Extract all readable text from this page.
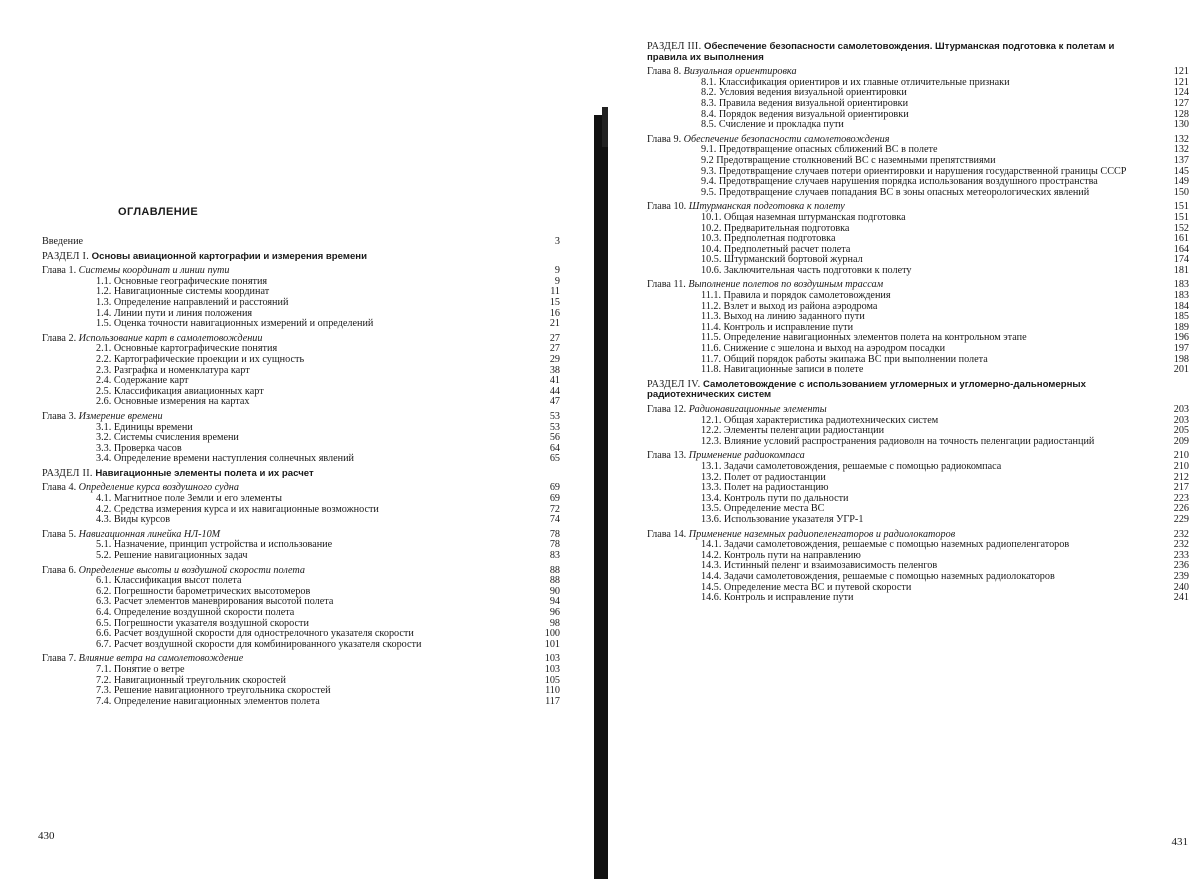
ОГЛАВЛЕНИЕ
Введение	3
РАЗДЕЛ I. Основы авиационной картографии и измерения времени
Глава 1. Системы координат и линии пути	9
1.1. Основные географические понятия	9
1.2. Навигационные системы координат	11
1.3. Определение направлений и расстояний	15
1.4. Линии пути и линия положения	16
1.5. Оценка точности навигационных измерений и определений	21
Глава 2. Использование карт в самолетовождении	27
2.1. Основные картографические понятия	27
2.2. Картографические проекции и их сущность	29
2.3. Разграфка и номенклатура карт	38
2.4. Содержание карт	41
2.5. Классификация авиационных карт	44
2.6. Основные измерения на картах	47
Глава 3. Измерение времени	53
3.1. Единицы времени	53
3.2. Системы счисления времени	56
3.3. Проверка часов	64
3.4. Определение времени наступления солнечных явлений	65
РАЗДЕЛ II. Навигационные элементы полета и их расчет
Глава 4. Определение курса воздушного судна	69
4.1. Магнитное поле Земли и его элементы	69
4.2. Средства измерения курса и их навигационные возможности	72
4.3. Виды курсов	74
Глава 5. Навигационная линейка НЛ-10М	78
5.1. Назначение, принцип устройства и использование	78
5.2. Решение навигационных задач	83
Глава 6. Определение высоты и воздушной скорости полета	88
6.1. Классификация высот полета	88
6.2. Погрешности барометрических высотомеров	90
6.3. Расчет элементов маневрирования высотой полета	94
6.4. Определение воздушной скорости полета	96
6.5. Погрешности указателя воздушной скорости	98
6.6. Расчет воздушной скорости для однострелочного указателя скорости	100
6.7. Расчет воздушной скорости для комбинированного указателя скорости	101
Глава 7. Влияние ветра на самолетовождение	103
7.1. Понятие о ветре	103
7.2. Навигационный треугольник скоростей	105
7.3. Решение навигационного треугольника скоростей	110
7.4. Определение навигационных элементов полета	117
430
РАЗДЕЛ III. Обеспечение безопасности самолетовождения. Штурманская подготовка к полетам и правила их выполнения
Глава 8. Визуальная ориентировка	121
8.1. Классификация ориентиров и их главные отличительные признаки	121
8.2. Условия ведения визуальной ориентировки	124
8.3. Правила ведения визуальной ориентировки	127
8.4. Порядок ведения визуальной ориентировки	128
8.5. Счисление и прокладка пути	130
Глава 9. Обеспечение безопасности самолетовождения	132
9.1. Предотвращение опасных сближений ВС в полете	132
9.2 Предотвращение столкновений ВС с наземными препятствиями	137
9.3. Предотвращение случаев потери ориентировки и нарушения государственной границы СССР	145
9.4. Предотвращение случаев нарушения порядка использования воздушного пространства	149
9.5. Предотвращение случаев попадания ВС в зоны опасных метеорологических явлений	150
Глава 10. Штурманская подготовка к полету	151
10.1. Общая наземная штурманская подготовка	151
10.2. Предварительная подготовка	152
10.3. Предполетная подготовка	161
10.4. Предполетный расчет полета	164
10.5. Штурманский бортовой журнал	174
10.6. Заключительная часть подготовки к полету	181
Глава 11. Выполнение полетов по воздушным трассам	183
11.1. Правила и порядок самолетовождения	183
11.2. Взлет и выход из района аэродрома	184
11.3. Выход на линию заданного пути	185
11.4. Контроль и исправление пути	189
11.5. Определение навигационных элементов полета на контрольном этапе	196
11.6. Снижение с эшелона и выход на аэродром посадки	197
11.7. Общий порядок работы экипажа ВС при выполнении полета	198
11.8. Навигационные записи в полете	201
РАЗДЕЛ IV. Самолетовождение с использованием угломерных и угломерно-дальномерных радиотехнических систем
Глава 12. Радионавигационные элементы	203
12.1. Общая характеристика радиотехнических систем	203
12.2. Элементы пеленгации радиостанции	205
12.3. Влияние условий распространения радиоволн на точность пеленгации радиостанций	209
Глава 13. Применение радиокомпаса	210
13.1. Задачи самолетовождения, решаемые с помощью радиокомпаса	210
13.2. Полет от радиостанции	212
13.3. Полет на радиостанцию	217
13.4. Контроль пути по дальности	223
13.5. Определение места ВС	226
13.6. Использование указателя УГР-1	229
Глава 14. Применение наземных радиопеленгаторов и радиолокаторов	232
14.1. Задачи самолетовождения, решаемые с помощью наземных радиопеленгаторов	232
14.2. Контроль пути на направлению	233
14.3. Истинный пеленг и взаимозависимость пеленгов	236
14.4. Задачи самолетовождения, решаемые с помощью наземных радиолокаторов	239
14.5. Определение места ВС и путевой скорости	240
14.6. Контроль и исправление пути	241
431
